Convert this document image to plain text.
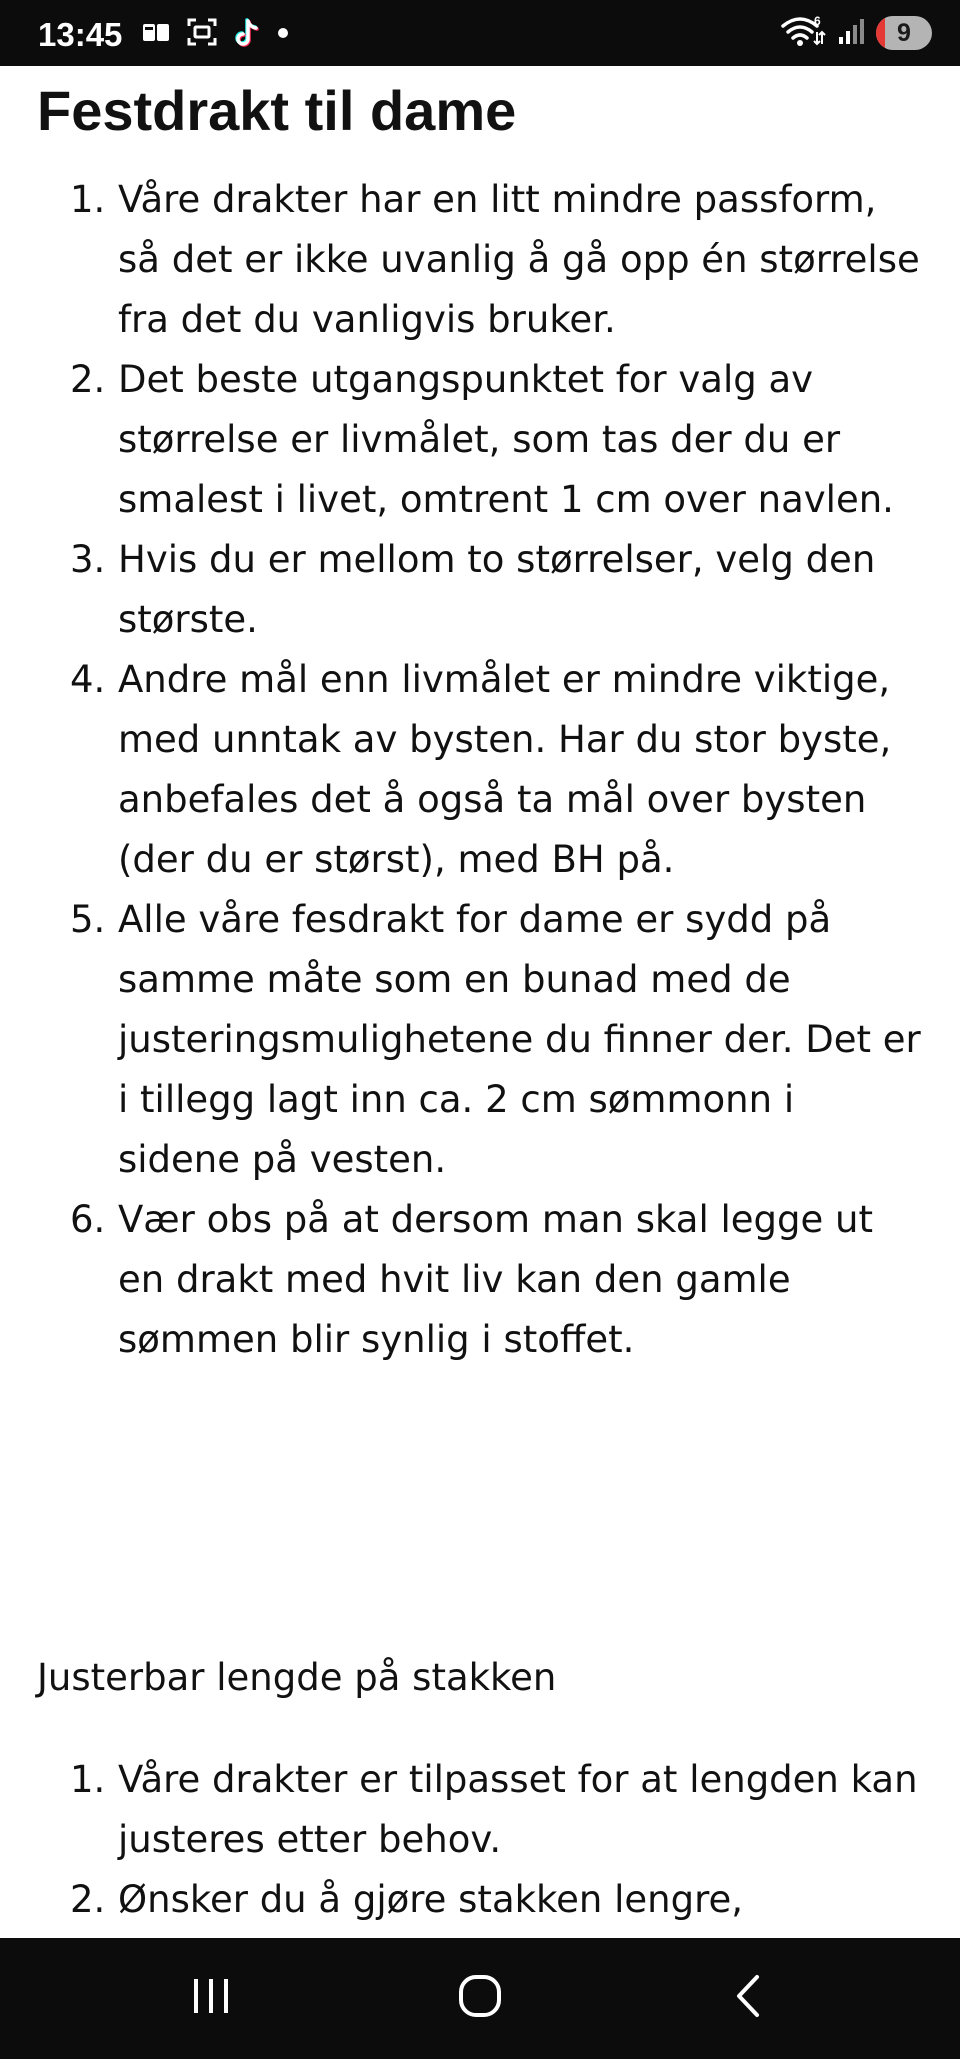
13:45	6	9
Festdrakt til dame
1. Våre drakter har en litt mindre passform, så det er ikke uvanlig å gå opp én størrelse fra det du vanligvis bruker.
2. Det beste utgangspunktet for valg av størrelse er livmålet, som tas der du er smalest i livet, omtrent 1 cm over navlen.
3. Hvis du er mellom to størrelser, velg den største.
4. Andre mål enn livmålet er mindre viktige, med unntak av bysten. Har du stor byste, anbefales det å også ta mål over bysten (der du er størst), med BH på.
5. Alle våre fesdrakt for dame er sydd på samme måte som en bunad med de justeringsmulighetene du finner der. Det er i tillegg lagt inn ca. 2 cm sømmonn i sidene på vesten.
6. Vær obs på at dersom man skal legge ut en drakt med hvit liv kan den gamle sømmen blir synlig i stoffet.
Justerbar lengde på stakken
1. Våre drakter er tilpasset for at lengden kan justeres etter behov.
2. Ønsker du å gjøre stakken lengre,
